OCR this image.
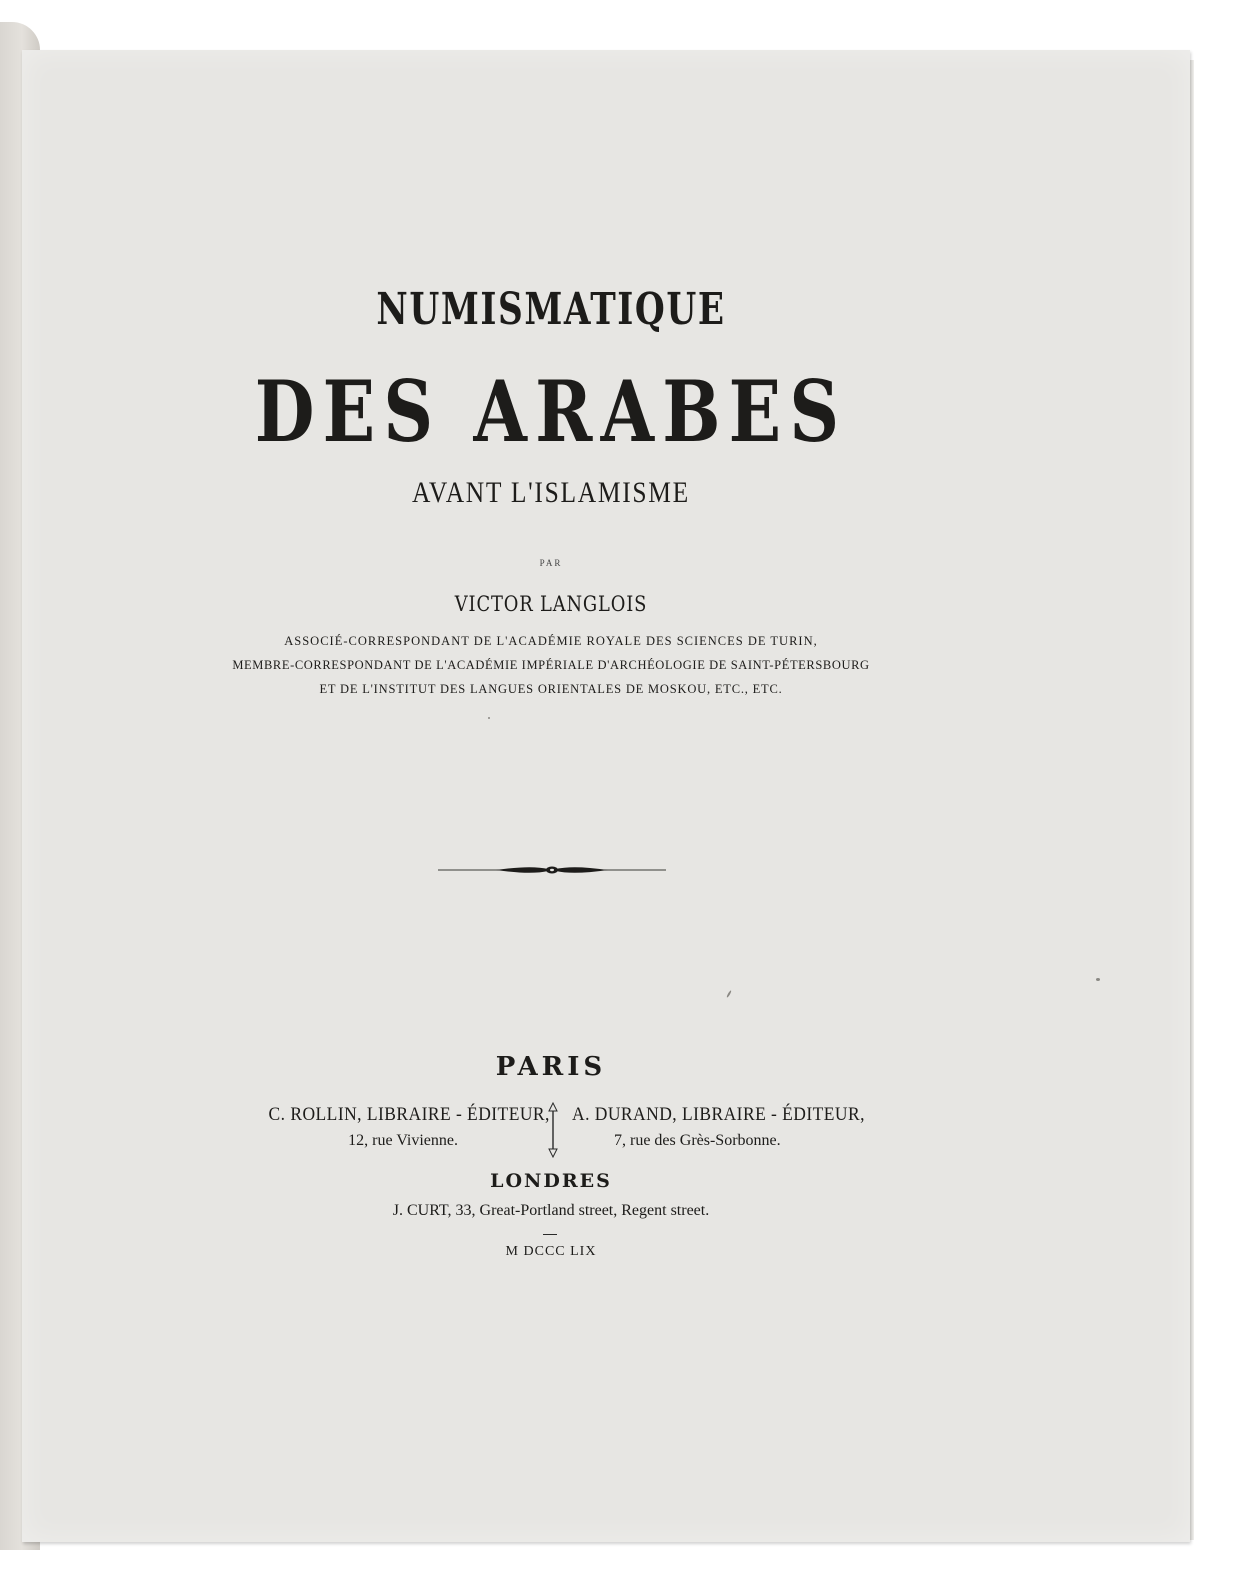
NUMISMATIQUE
DES ARABES
AVANT L'ISLAMISME
PAR
VICTOR LANGLOIS
ASSOCIÉ-CORRESPONDANT DE L'ACADÉMIE ROYALE DES SCIENCES DE TURIN,
MEMBRE-CORRESPONDANT DE L'ACADÉMIE IMPÉRIALE D'ARCHÉOLOGIE DE SAINT-PÉTERSBOURG
ET DE L'INSTITUT DES LANGUES ORIENTALES DE MOSKOU, ETC., ETC.
PARIS
C. ROLLIN, LIBRAIRE - ÉDITEUR,
12, rue Vivienne.
A. DURAND, LIBRAIRE - ÉDITEUR,
7, rue des Grès-Sorbonne.
LONDRES
J. CURT, 33, Great-Portland street, Regent street.
M DCCC LIX
